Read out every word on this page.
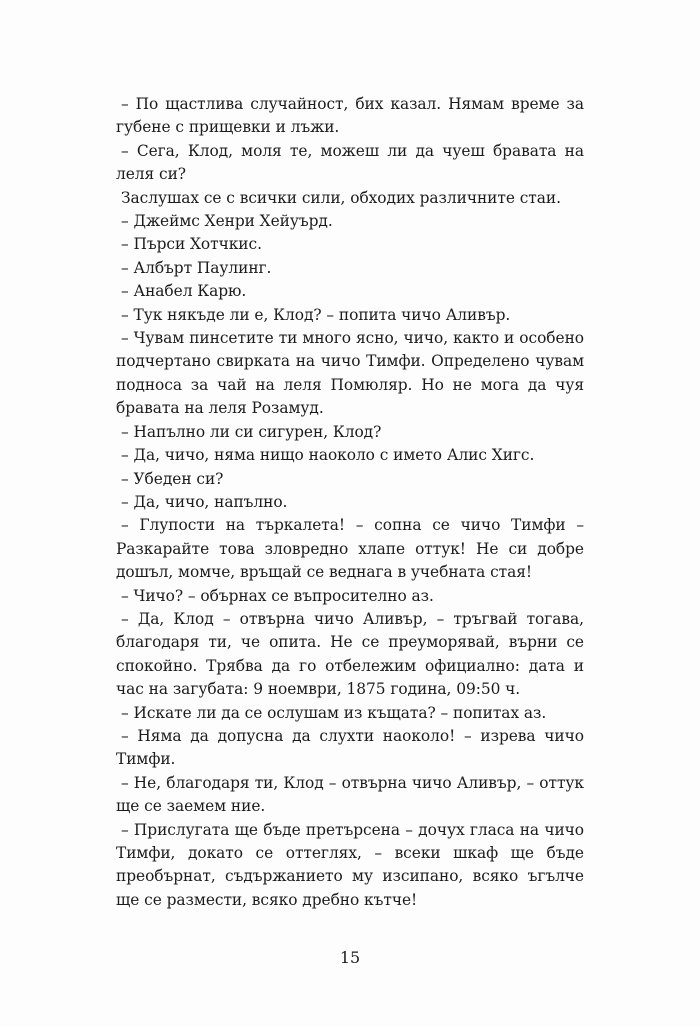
– По щастлива случайност, бих казал. Нямам време за губене с прищевки и лъжи.

– Сега, Клод, моля те, можеш ли да чуеш бравата на леля си?

Заслушах се с всички сили, обходих различните стаи.

– Джеймс Хенри Хейуърд.

– Пърси Хотчкис.

– Албърт Паулинг.

– Анабел Карю.

– Тук някъде ли е, Клод? – попита чичо Аливър.

– Чувам пинсетите ти много ясно, чичо, както и особено подчертано свирката на чичо Тимфи. Определено чувам подноса за чай на леля Помюляр. Но не мога да чуя бравата на леля Розамуд.

– Напълно ли си сигурен, Клод?

– Да, чичо, няма нищо наоколо с името Алис Хигс.

– Убеден си?

– Да, чичо, напълно.

– Глупости на търкалета! – сопна се чичо Тимфи – Разкарайте това зловредно хлапе оттук! Не си добре дошъл, момче, връщай се веднага в учебната стая!

– Чичо? – обърнах се въпросително аз.

– Да, Клод – отвърна чичо Аливър, – тръгвай тогава, благодаря ти, че опита. Не се преуморявай, върни се спокойно. Трябва да го отбележим официално: дата и час на загубата: 9 ноември, 1875 година, 09:50 ч.

– Искате ли да се ослушам из къщата? – попитах аз.

– Няма да допусна да слухти наоколо! – изрева чичо Тимфи.

– Не, благодаря ти, Клод – отвърна чичо Аливър, – оттук ще се заемем ние.

– Прислугата ще бъде претърсена – дочух гласа на чичо Тимфи, докато се оттеглях, – всеки шкаф ще бъде преобърнат, съдържанието му изсипано, всяко ъгълче ще се размести, всяко дребно кътче!

15
